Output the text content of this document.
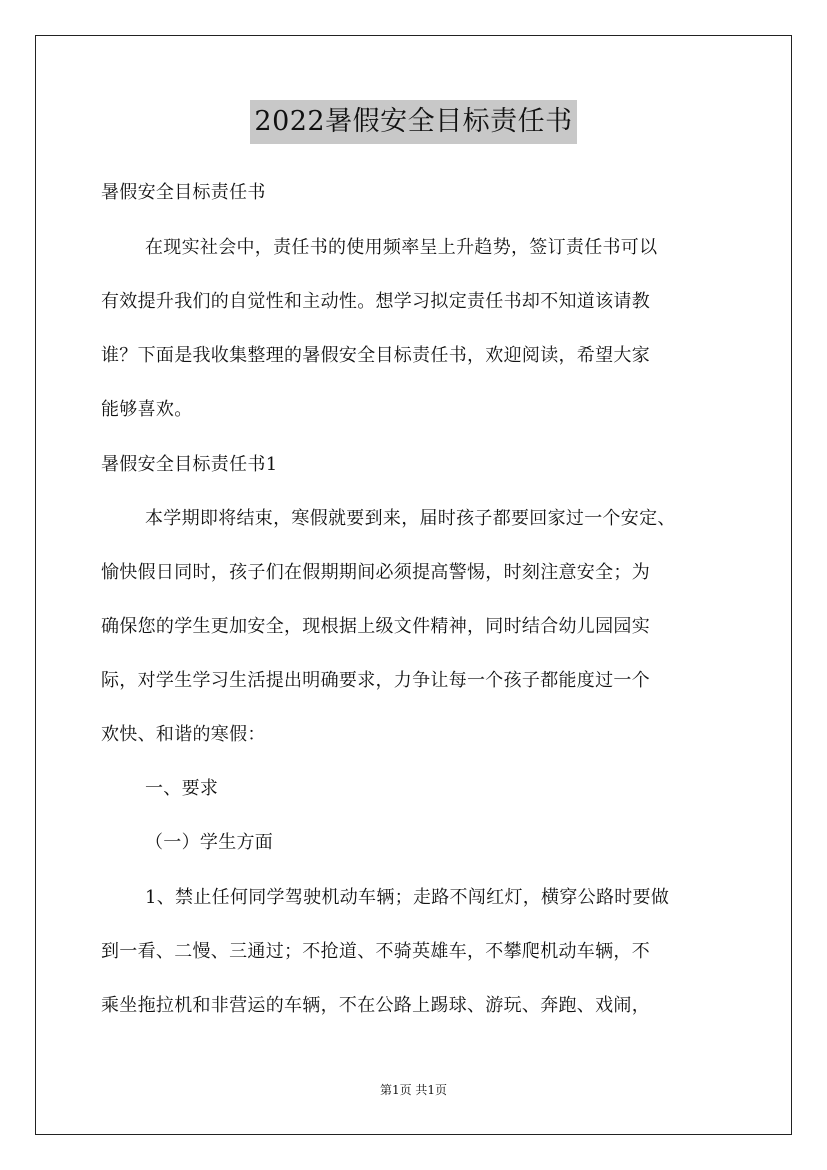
2022暑假安全目标责任书
暑假安全目标责任书
在现实社会中，责任书的使用频率呈上升趋势，签订责任书可以
有效提升我们的自觉性和主动性。想学习拟定责任书却不知道该请教
谁？下面是我收集整理的暑假安全目标责任书，欢迎阅读，希望大家
能够喜欢。
暑假安全目标责任书1
本学期即将结束，寒假就要到来，届时孩子都要回家过一个安定、
愉快假日同时，孩子们在假期期间必须提高警惕，时刻注意安全；为
确保您的学生更加安全，现根据上级文件精神，同时结合幼儿园园实
际，对学生学习生活提出明确要求，力争让每一个孩子都能度过一个
欢快、和谐的寒假：
一、要求
（一）学生方面
1、禁止任何同学驾驶机动车辆；走路不闯红灯，横穿公路时要做
到一看、二慢、三通过；不抢道、不骑英雄车，不攀爬机动车辆，不
乘坐拖拉机和非营运的车辆，不在公路上踢球、游玩、奔跑、戏闹，
第1页 共1页
